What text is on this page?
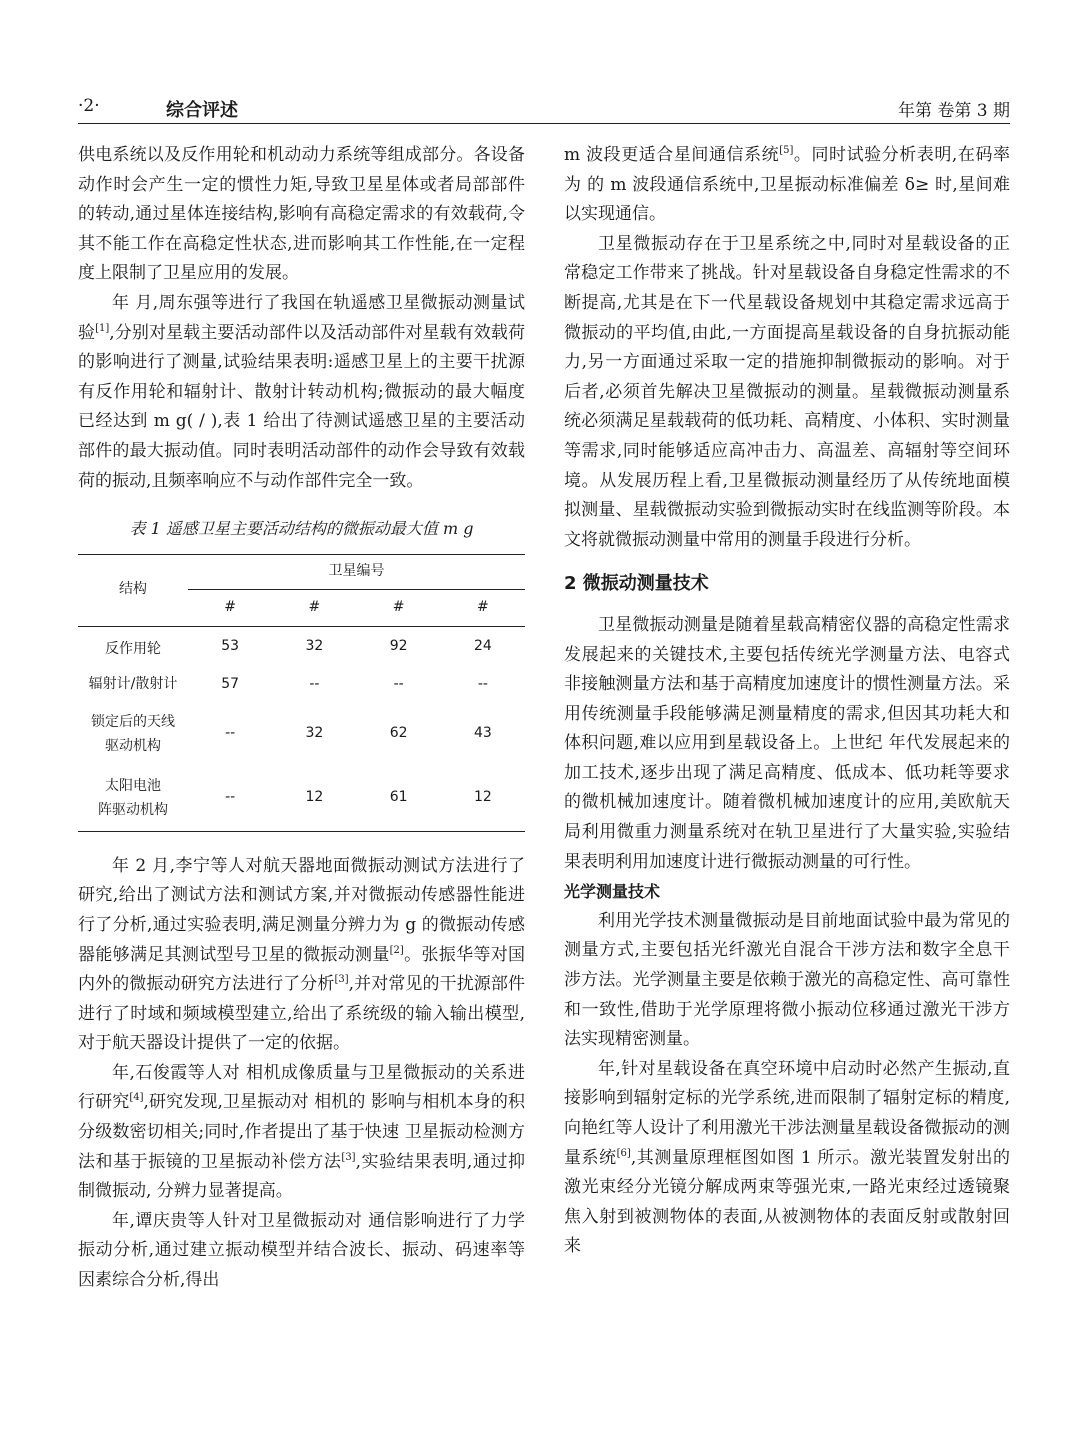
·2·	综合评述	年第 卷第 3 期

供电系统以及反作用轮和机动动力系统等组成部分。各设备动作时会产生一定的惯性力矩,导致卫星星体或者局部部件的转动,通过星体连接结构,影响有高稳定需求的有效载荷,令其不能工作在高稳定性状态,进而影响其工作性能,在一定程度上限制了卫星应用的发展。

年 月,周东强等进行了我国在轨遥感卫星微振动测量试验[1],分别对星载主要活动部件以及活动部件对星载有效载荷的影响进行了测量,试验结果表明:遥感卫星上的主要干扰源有反作用轮和辐射计、散射计转动机构;微振动的最大幅度已经达到 m g( / ),表 1 给出了待测试遥感卫星的主要活动部件的最大振动值。同时表明活动部件的动作会导致有效载荷的振动,且频率响应不与动作部件完全一致。

表 1 遥感卫星主要活动结构的微振动最大值 m g
结构	卫星编号			
	#	#	#	#
反作用轮	53	32	92	24
辐射计/散射计	57	--	--	--
锁定后的天线
驱动机构	--	32	62	43
太阳电池
阵驱动机构	--	12	61	12

年 2 月,李宁等人对航天器地面微振动测试方法进行了研究,给出了测试方法和测试方案,并对微振动传感器性能进行了分析,通过实验表明,满足测量分辨力为 g 的微振动传感器能够满足其测试型号卫星的微振动测量[2]。张振华等对国内外的微振动研究方法进行了分析[3],并对常见的干扰源部件进行了时域和频域模型建立,给出了系统级的输入输出模型,对于航天器设计提供了一定的依据。

年,石俊霞等人对 相机成像质量与卫星微振动的关系进行研究[4],研究发现,卫星振动对 相机的 影响与相机本身的积分级数密切相关;同时,作者提出了基于快速 卫星振动检测方法和基于振镜的卫星振动补偿方法[3],实验结果表明,通过抑制微振动, 分辨力显著提高。

年,谭庆贵等人针对卫星微振动对 通信影响进行了力学振动分析,通过建立振动模型并结合波长、振动、码速率等因素综合分析,得出

m 波段更适合星间通信系统[5]。同时试验分析表明,在码率为 的 m 波段通信系统中,卫星振动标准偏差 δ≥ 时,星间难以实现通信。

卫星微振动存在于卫星系统之中,同时对星载设备的正常稳定工作带来了挑战。针对星载设备自身稳定性需求的不断提高,尤其是在下一代星载设备规划中其稳定需求远高于微振动的平均值,由此,一方面提高星载设备的自身抗振动能力,另一方面通过采取一定的措施抑制微振动的影响。对于后者,必须首先解决卫星微振动的测量。星载微振动测量系统必须满足星载载荷的低功耗、高精度、小体积、实时测量等需求,同时能够适应高冲击力、高温差、高辐射等空间环境。从发展历程上看,卫星微振动测量经历了从传统地面模拟测量、星载微振动实验到微振动实时在线监测等阶段。本文将就微振动测量中常用的测量手段进行分析。

2 微振动测量技术

卫星微振动测量是随着星载高精密仪器的高稳定性需求发展起来的关键技术,主要包括传统光学测量方法、电容式非接触测量方法和基于高精度加速度计的惯性测量方法。采用传统测量手段能够满足测量精度的需求,但因其功耗大和体积问题,难以应用到星载设备上。上世纪 年代发展起来的 加工技术,逐步出现了满足高精度、低成本、低功耗等要求的微机械加速度计。随着微机械加速度计的应用,美欧航天局利用微重力测量系统对在轨卫星进行了大量实验,实验结果表明利用加速度计进行微振动测量的可行性。

光学测量技术

利用光学技术测量微振动是目前地面试验中最为常见的测量方式,主要包括光纤激光自混合干涉方法和数字全息干涉方法。光学测量主要是依赖于激光的高稳定性、高可靠性和一致性,借助于光学原理将微小振动位移通过激光干涉方法实现精密测量。

年,针对星载设备在真空环境中启动时必然产生振动,直接影响到辐射定标的光学系统,进而限制了辐射定标的精度,向艳红等人设计了利用激光干涉法测量星载设备微振动的测量系统[6],其测量原理框图如图 1 所示。激光装置发射出的激光束经分光镜分解成两束等强光束,一路光束经过透镜聚焦入射到被测物体的表面,从被测物体的表面反射或散射回来
